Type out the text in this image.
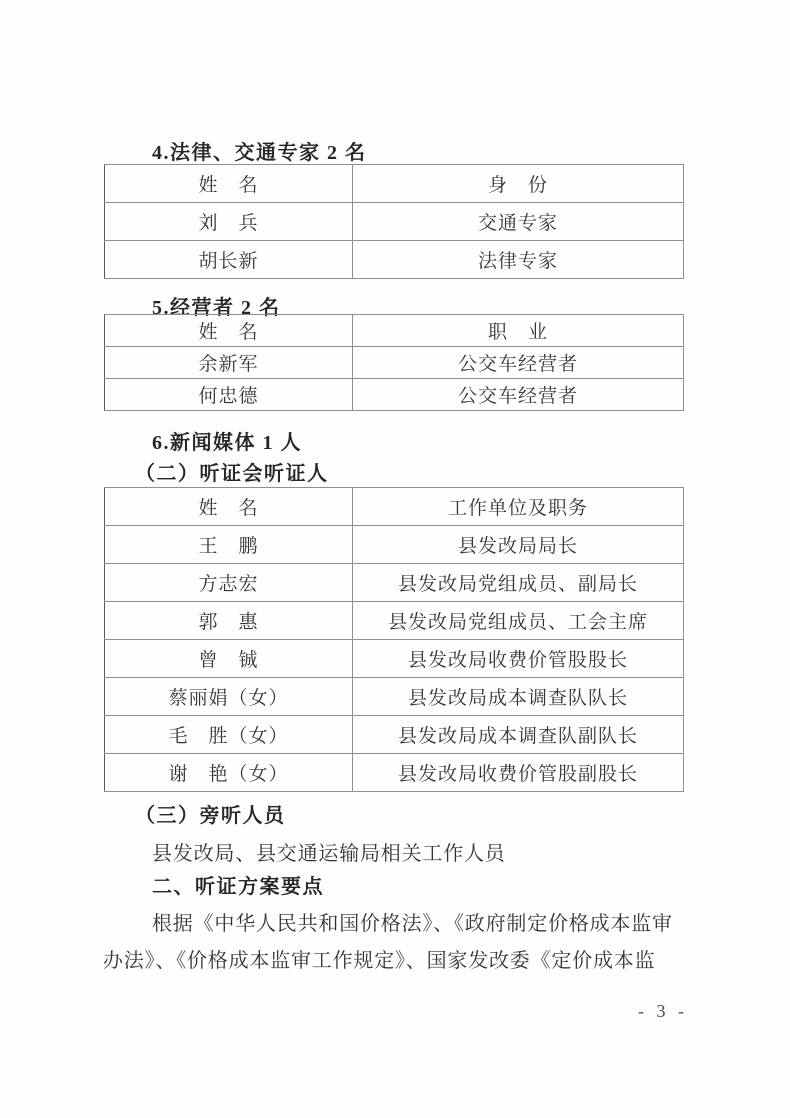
4.法律、交通专家 2 名
姓　名	身　份
刘　兵	交通专家
胡长新	法律专家
5.经营者 2 名
姓　名	职　业
余新军	公交车经营者
何忠德	公交车经营者
6.新闻媒体 1 人
（二）听证会听证人
姓　名	工作单位及职务
王　鹏	县发改局局长
方志宏	县发改局党组成员、副局长
郭　惠	县发改局党组成员、工会主席
曾　铖	县发改局收费价管股股长
蔡丽娟（女）	县发改局成本调查队队长
毛　胜（女）	县发改局成本调查队副队长
谢　艳（女）	县发改局收费价管股副股长
（三）旁听人员
县发改局、县交通运输局相关工作人员
二、听证方案要点
根据《中华人民共和国价格法》、《政府制定价格成本监审
办法》、《价格成本监审工作规定》、国家发改委《定价成本监
- 3 -
